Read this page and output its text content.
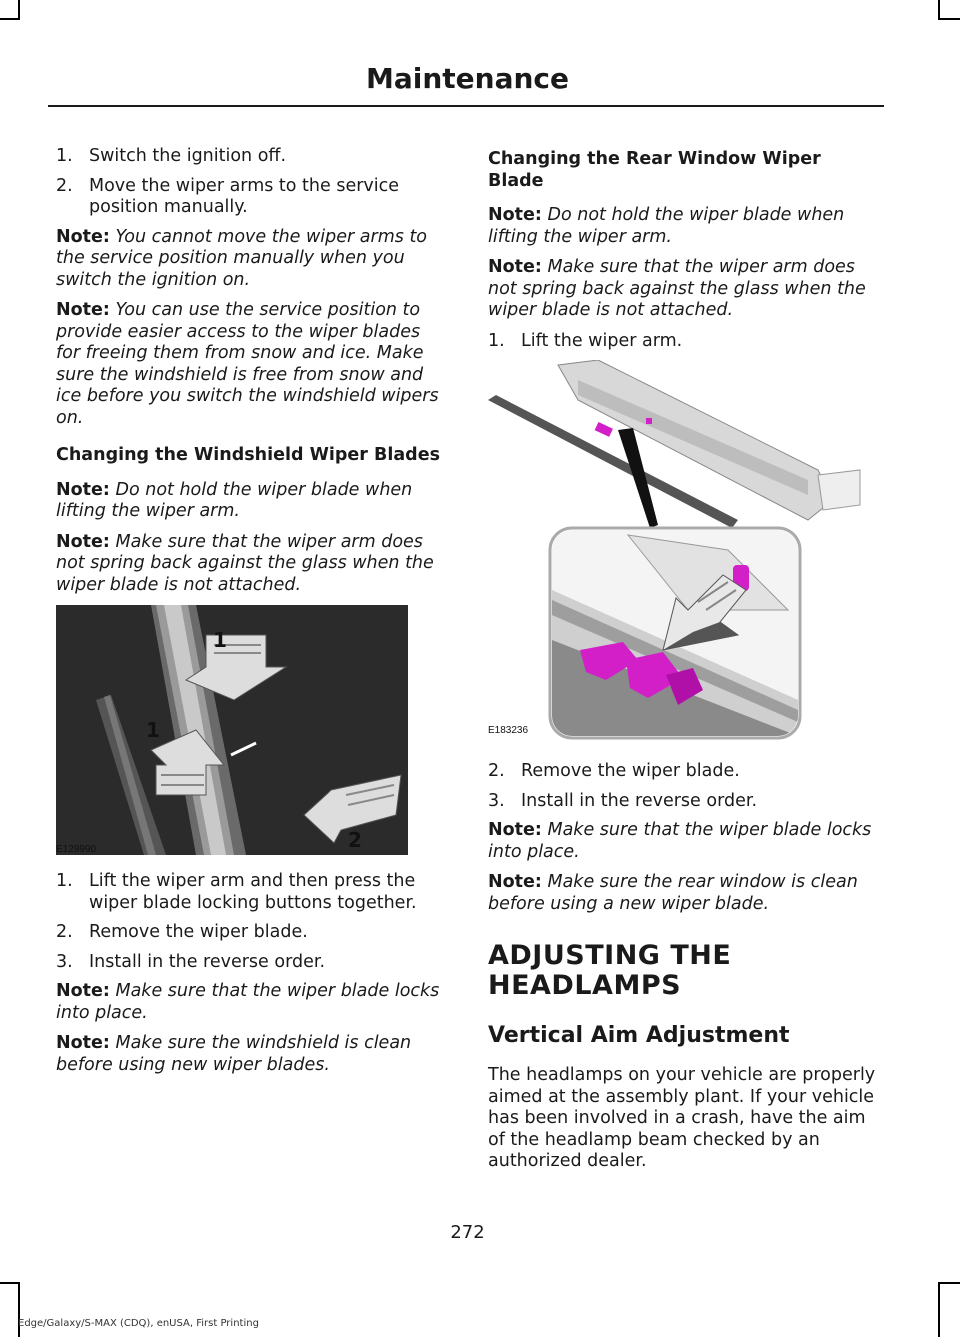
Maintenance
1. Switch the ignition off.
2. Move the wiper arms to the service position manually.

Note: You cannot move the wiper arms to the service position manually when you switch the ignition on.

Note: You can use the service position to provide easier access to the wiper blades for freeing them from snow and ice. Make sure the windshield is free from snow and ice before you switch the windshield wipers on.

Changing the Windshield Wiper Blades

Note: Do not hold the wiper blade when lifting the wiper arm.

Note: Make sure that the wiper arm does not spring back against the glass when the wiper blade is not attached.

1
1
2
E129990
1. Lift the wiper arm and then press the wiper blade locking buttons together.
2. Remove the wiper blade.
3. Install in the reverse order.

Note: Make sure that the wiper blade locks into place.

Note: Make sure the windshield is clean before using new wiper blades.

Changing the Rear Window Wiper Blade

Note: Do not hold the wiper blade when lifting the wiper arm.

Note: Make sure that the wiper arm does not spring back against the glass when the wiper blade is not attached.

1. Lift the wiper arm.
E183236
2. Remove the wiper blade.
3. Install in the reverse order.

Note: Make sure that the wiper blade locks into place.

Note: Make sure the rear window is clean before using a new wiper blade.

ADJUSTING THE HEADLAMPS
Vertical Aim Adjustment

The headlamps on your vehicle are properly aimed at the assembly plant. If your vehicle has been involved in a crash, have the aim of the headlamp beam checked by an authorized dealer.

272
Edge/Galaxy/S-MAX (CDQ), enUSA, First Printing
